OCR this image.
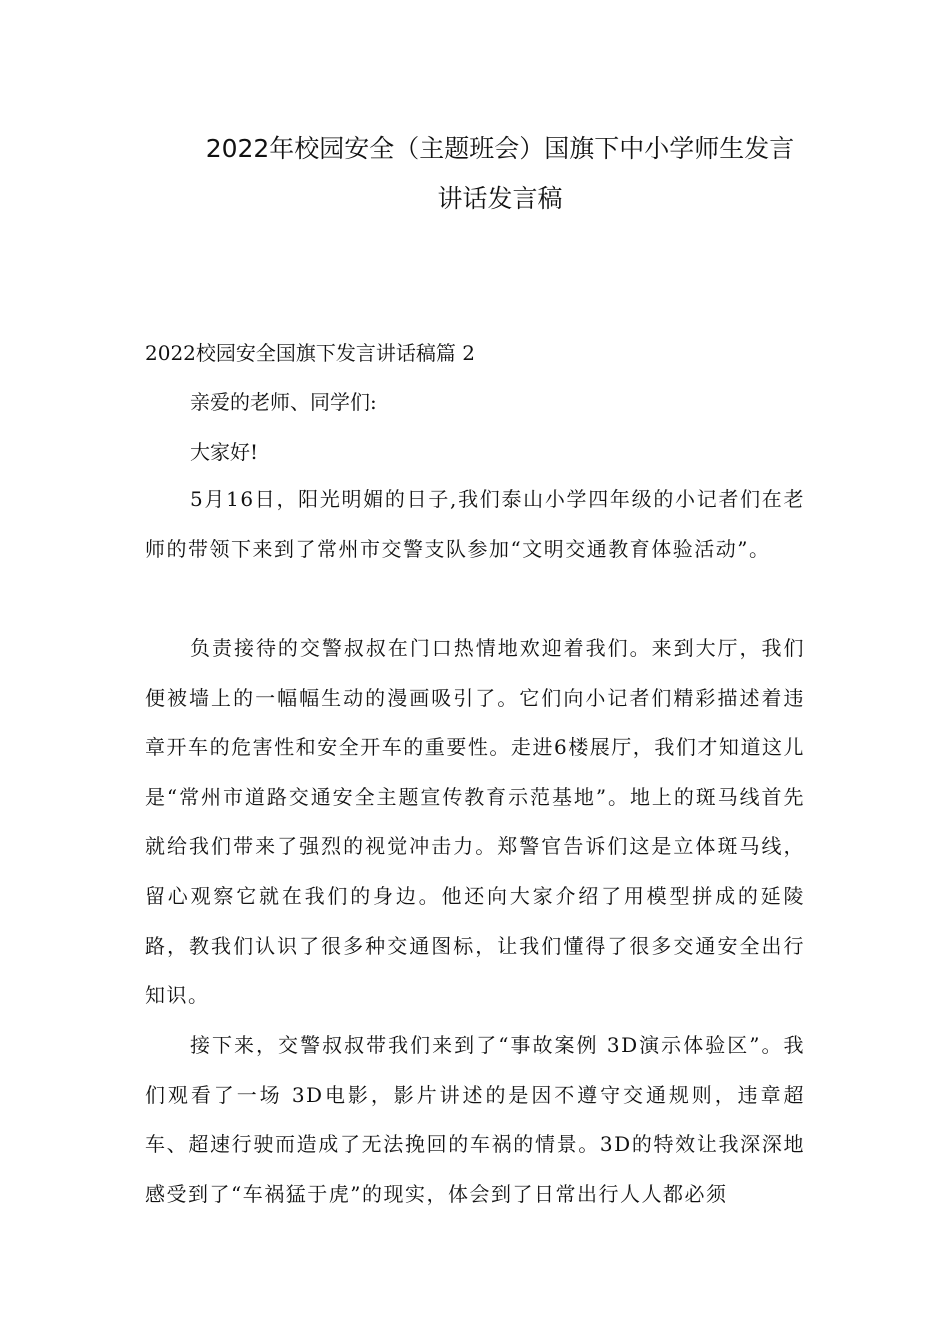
2022年校园安全（主题班会）国旗下中小学师生发言
讲话发言稿
2022校园安全国旗下发言讲话稿篇 2
亲爱的老师、同学们:
大家好!
5月16日，阳光明媚的日子,我们泰山小学四年级的小记者们在老师的带领下来到了常州市交警支队参加“文明交通教育体验活动”。
负责接待的交警叔叔在门口热情地欢迎着我们。来到大厅，我们便被墙上的一幅幅生动的漫画吸引了。它们向小记者们精彩描述着违章开车的危害性和安全开车的重要性。走进6楼展厅，我们才知道这儿是“常州市道路交通安全主题宣传教育示范基地”。地上的斑马线首先就给我们带来了强烈的视觉冲击力。郑警官告诉们这是立体斑马线，留心观察它就在我们的身边。他还向大家介绍了用模型拼成的延陵路，教我们认识了很多种交通图标，让我们懂得了很多交通安全出行知识。
接下来，交警叔叔带我们来到了“事故案例 3D演示体验区”。我们观看了一场 3D电影，影片讲述的是因不遵守交通规则，违章超车、超速行驶而造成了无法挽回的车祸的情景。3D的特效让我深深地感受到了“车祸猛于虎”的现实，体会到了日常出行人人都必须
